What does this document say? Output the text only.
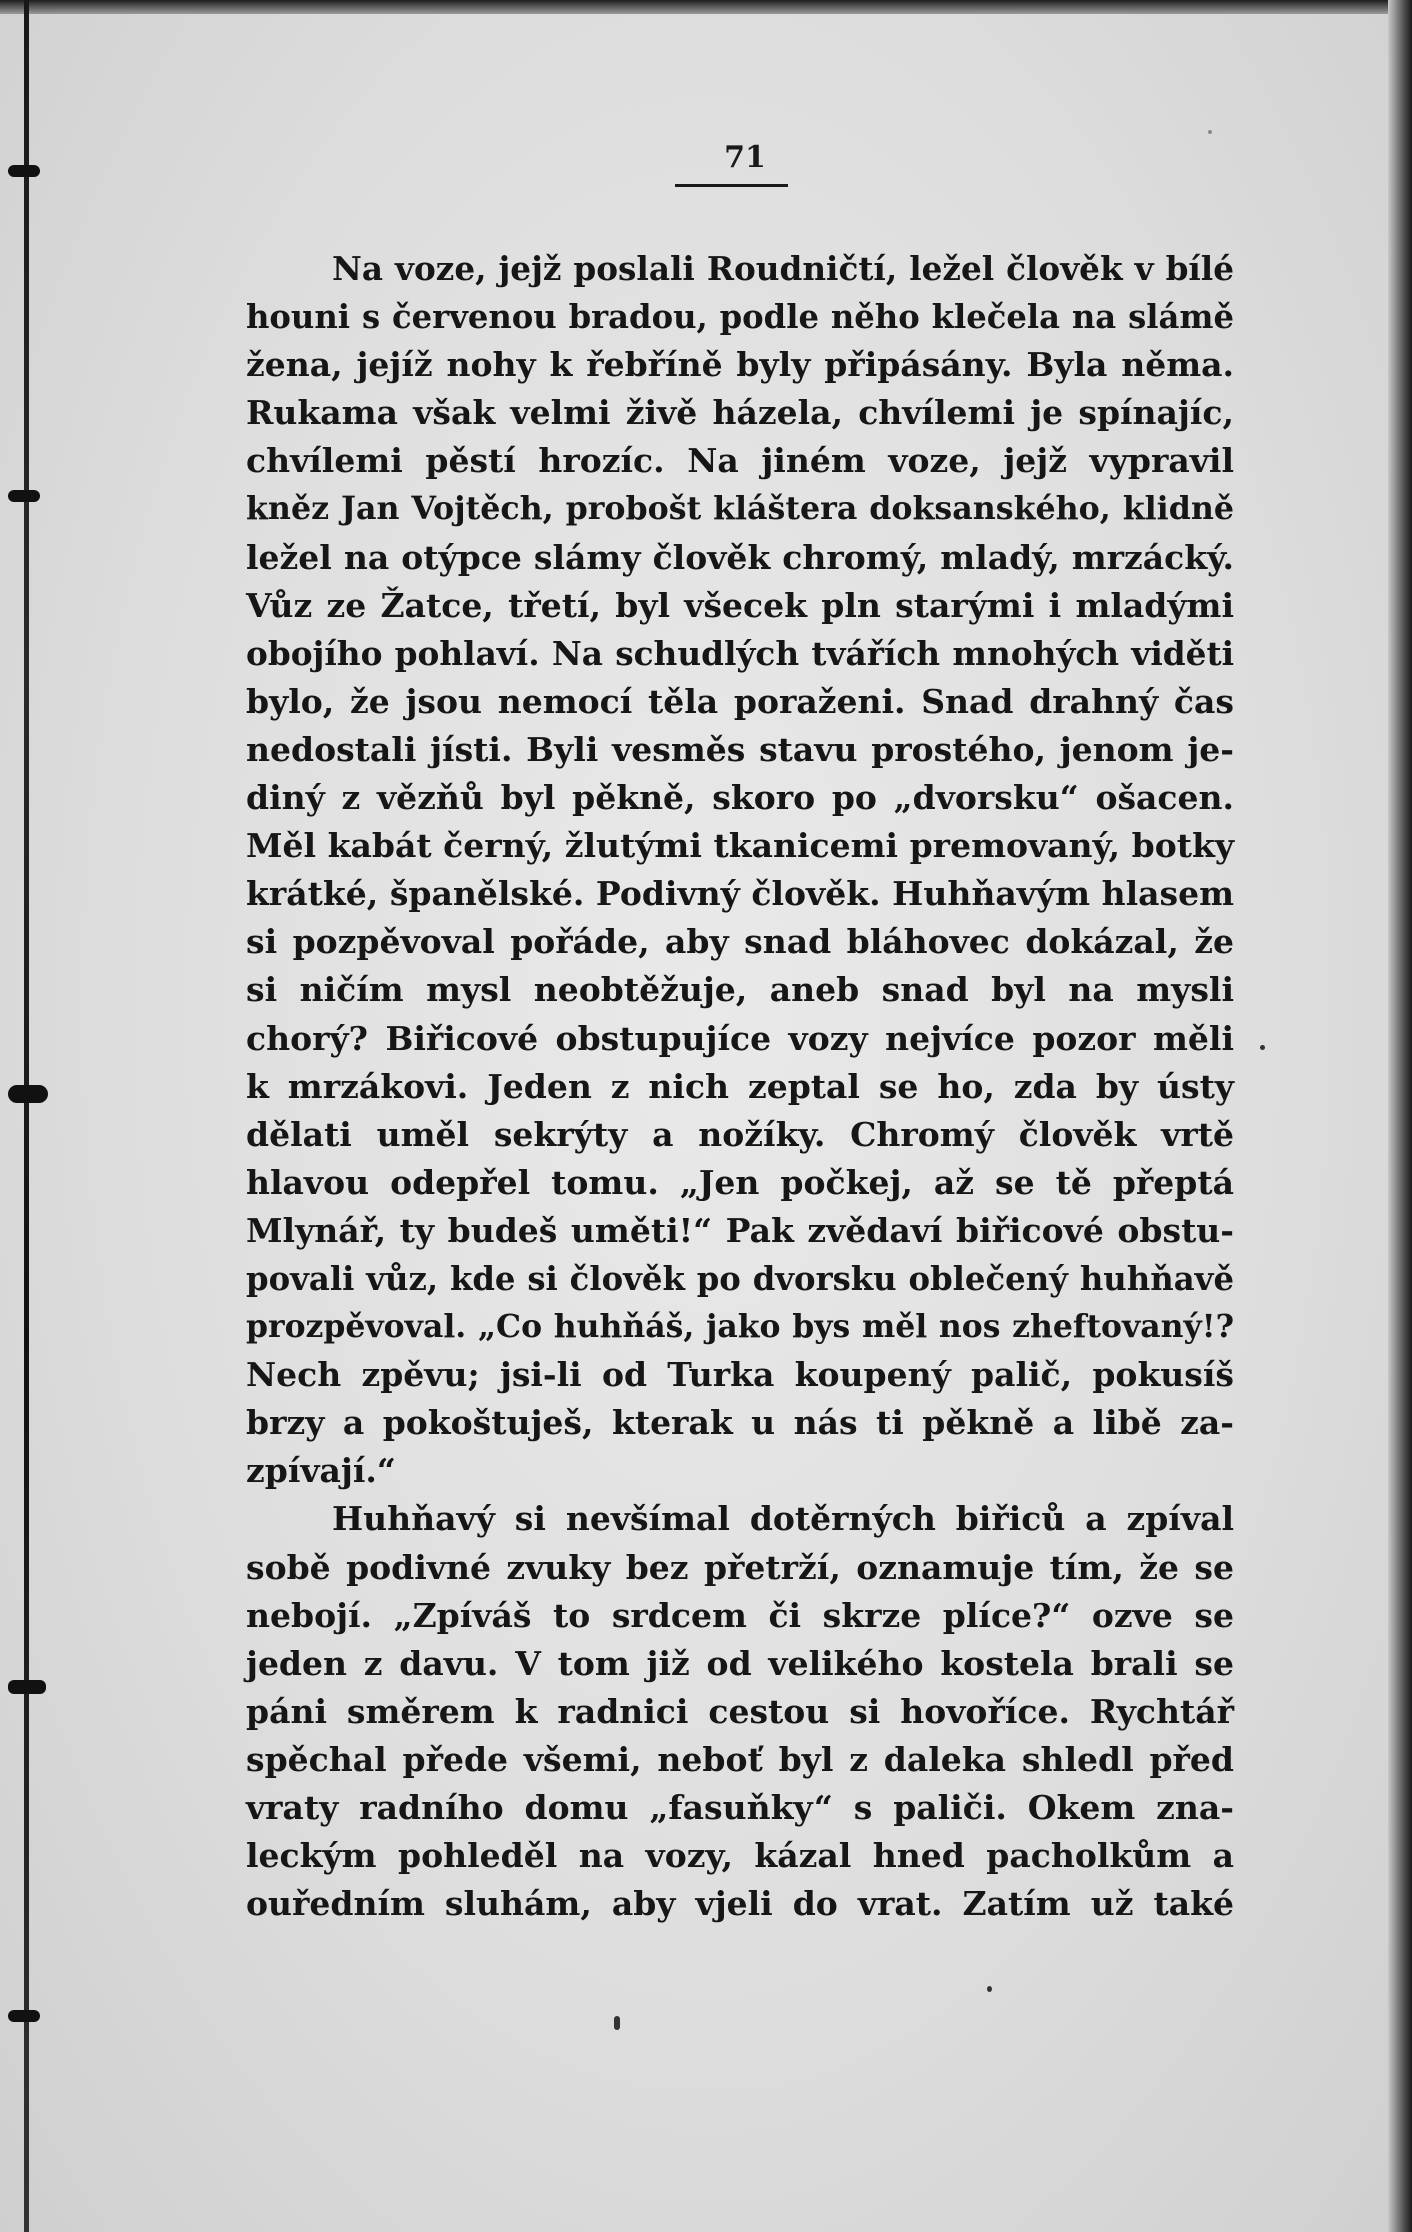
71
Na voze, jejž poslali Roudničtí, ležel člověk v bílé
houni s červenou bradou, podle něho klečela na slámě
žena, jejíž nohy k řebříně byly připásány. Byla něma.
Rukama však velmi živě házela, chvílemi je spínajíc,
chvílemi pěstí hrozíc. Na jiném voze, jejž vypravil
kněz Jan Vojtěch, probošt kláštera doksanského, klidně
ležel na otýpce slámy člověk chromý, mladý, mrzácký.
Vůz ze Žatce, třetí, byl všecek pln starými i mladými
obojího pohlaví. Na schudlých tvářích mnohých viděti
bylo, že jsou nemocí těla poraženi. Snad drahný čas
nedostali jísti. Byli vesměs stavu prostého, jenom je-
diný z vězňů byl pěkně, skoro po „dvorsku“ ošacen.
Měl kabát černý, žlutými tkanicemi premovaný, botky
krátké, španělské. Podivný člověk. Huhňavým hlasem
si pozpěvoval pořáde, aby snad bláhovec dokázal, že
si ničím mysl neobtěžuje, aneb snad byl na mysli
chorý? Biřicové obstupujíce vozy nejvíce pozor měli
k mrzákovi. Jeden z nich zeptal se ho, zda by ústy
dělati uměl sekrýty a nožíky. Chromý člověk vrtě
hlavou odepřel tomu. „Jen počkej, až se tě přeptá
Mlynář, ty budeš uměti!“ Pak zvědaví biřicové obstu-
povali vůz, kde si člověk po dvorsku oblečený huhňavě
prozpěvoval. „Co huhňáš, jako bys měl nos zheftovaný!?
Nech zpěvu; jsi-li od Turka koupený palič, pokusíš
brzy a pokoštuješ, kterak u nás ti pěkně a libě za-
zpívají.“
Huhňavý si nevšímal dotěrných biřiců a zpíval
sobě podivné zvuky bez přetrží, oznamuje tím, že se
nebojí. „Zpíváš to srdcem či skrze plíce?“ ozve se
jeden z davu. V tom již od velikého kostela brali se
páni směrem k radnici cestou si hovoříce. Rychtář
spěchal přede všemi, neboť byl z daleka shledl před
vraty radního domu „fasuňky“ s paliči. Okem zna-
leckým pohleděl na vozy, kázal hned pacholkům a
ouředním sluhám, aby vjeli do vrat. Zatím už také
